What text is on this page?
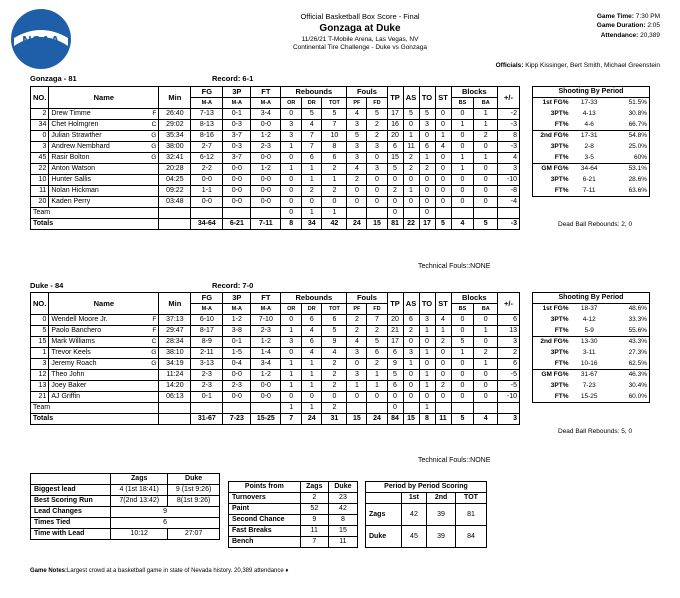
NCAA
Official Basketball Box Score - Final
Gonzaga at Duke
11/26/21 T-Mobile Arena, Las Vegas, NV
Continental Tire Challenge - Duke vs Gonzaga
Game Time: 7:30 PM
Game Duration: 2:05
Attendance: 20,389
Officials: Kipp Kissinger, Bert Smith, Michael Greenstein
Gonzaga - 81	Record: 6-1
NO.	Name	Min	FG	3P	FT	Rebounds			Fouls		TP	AS	TO	ST	Blocks		+/-
			M-A	M-A	M-A	OR	DR	TOT	PF	FD					BS	BA	
2	Drew Timme F	26:40	7-13	0-1	3-4	0	5	5	4	5	17	5	5	0	0	1	-2
34	Chet Holmgren C	29:02	8-13	0-3	0-0	3	4	7	3	2	16	0	3	0	1	1	-3
0	Julian Strawther G	35:34	8-16	3-7	1-2	3	7	10	5	2	20	1	0	1	0	2	8
3	Andrew Nembhard G	38:00	2-7	0-3	2-3	1	7	8	3	3	6	11	6	4	0	0	-3
45	Rasir Bolton G	32:41	6-12	3-7	0-0	0	6	6	3	0	15	2	1	0	1	1	4
22	Anton Watson	20:28	2-2	0-0	1-2	1	1	2	4	3	5	2	2	0	1	0	3
10	Hunter Sallis	04:25	0-0	0-0	0-0	0	1	1	2	0	0	0	0	0	0	0	-10
11	Nolan Hickman	09:22	1-1	0-0	0-0	0	2	2	0	0	2	1	0	0	0	0	-8
20	Kaden Perry	03:48	0-0	0-0	0-0	0	0	0	0	0	0	0	0	0	0	0	-4
Team						0	1	1			0		0				
Totals			34-64	6-21	7-11	8	34	42	24	15	81	22	17	5	4	5	-3
Technical Fouls::NONE
Shooting By Period		
1st FG%	17-33	51.5%
3PT%	4-13	30.8%
FT%	4-6	66.7%
2nd FG%	17-31	54.8%
3PT%	2-8	25.0%
FT%	3-5	60%
GM FG%	34-64	53.1%
3PT%	6-21	28.6%
FT%	7-11	63.6%
Dead Ball Rebounds: 2, 0
Duke - 84	Record: 7-0
NO.	Name	Min	FG	3P	FT	Rebounds			Fouls		TP	AS	TO	ST	Blocks		+/-
			M-A	M-A	M-A	OR	DR	TOT	PF	FD					BS	BA	
0	Wendell Moore Jr. F	37:13	6-10	1-2	7-10	0	6	6	2	7	20	6	3	4	0	0	6
5	Paolo Banchero F	29:47	8-17	3-8	2-3	1	4	5	2	2	21	2	1	1	0	1	13
15	Mark Williams C	28:34	8-9	0-1	1-2	3	6	9	4	5	17	0	0	2	5	0	3
1	Trevor Keels G	38:10	2-11	1-5	1-4	0	4	4	3	6	6	3	1	0	1	2	2
3	Jeremy Roach G	34:19	3-13	0-4	3-4	1	1	2	0	2	9	1	0	0	0	1	6
12	Theo John	11:24	2-3	0-0	1-2	1	1	2	3	1	5	0	1	0	0	0	-5
13	Joey Baker	14:20	2-3	2-3	0-0	1	1	2	1	1	6	0	1	2	0	0	-5
21	AJ Griffin	06:13	0-1	0-0	0-0	0	0	0	0	0	0	0	0	0	0	0	-10
Team						1	1	2			0		1				
Totals			31-67	7-23	15-25	7	24	31	15	24	84	15	8	11	5	4	3
Technical Fouls::NONE
Shooting By Period		
1st FG%	18-37	48.6%
3PT%	4-12	33.3%
FT%	5-9	55.6%
2nd FG%	13-30	43.3%
3PT%	3-11	27.3%
FT%	10-16	62.5%
GM FG%	31-67	46.3%
3PT%	7-23	30.4%
FT%	15-25	60.0%
Dead Ball Rebounds: 5, 0
	Zags	Duke
Biggest lead	4 (1st 18:41)	9 (1st 9:26)
Best Scoring Run	7(2nd 13:42)	8(1st 9:26)
Lead Changes	9	
Times Tied	6	
Time with Lead	10:12	27:07
Points from	Zags	Duke
Turnovers	2	23
Paint	52	42
Second Chance	9	8
Fast Breaks	11	15
Bench	7	11
Period by Period Scoring			
	1st	2nd	TOT
Zags	42	39	81
Duke	45	39	84
Game Notes:Largest crowd at a basketball game in state of Nevada history. 20,389 attendance ♦
